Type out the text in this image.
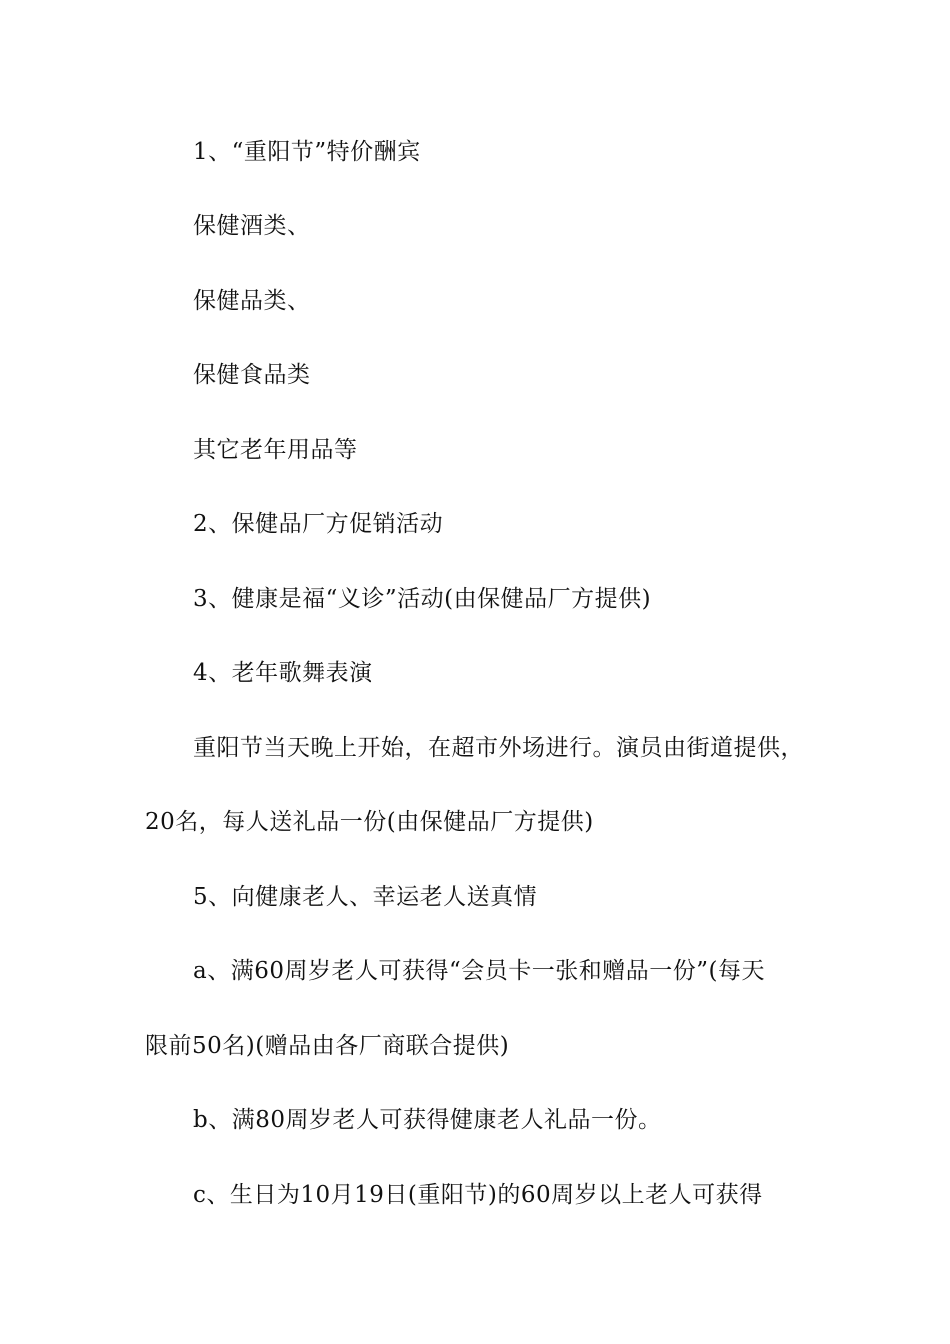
1、“重阳节”特价酬宾

保健酒类、

保健品类、

保健食品类

其它老年用品等

2、保健品厂方促销活动

3、健康是福“义诊”活动(由保健品厂方提供)

4、老年歌舞表演

重阳节当天晚上开始，在超市外场进行。演员由街道提供，

20名，每人送礼品一份(由保健品厂方提供)

5、向健康老人、幸运老人送真情

a、满60周岁老人可获得“会员卡一张和赠品一份”(每天

限前50名)(赠品由各厂商联合提供)

b、满80周岁老人可获得健康老人礼品一份。

c、生日为10月19日(重阳节)的60周岁以上老人可获得
